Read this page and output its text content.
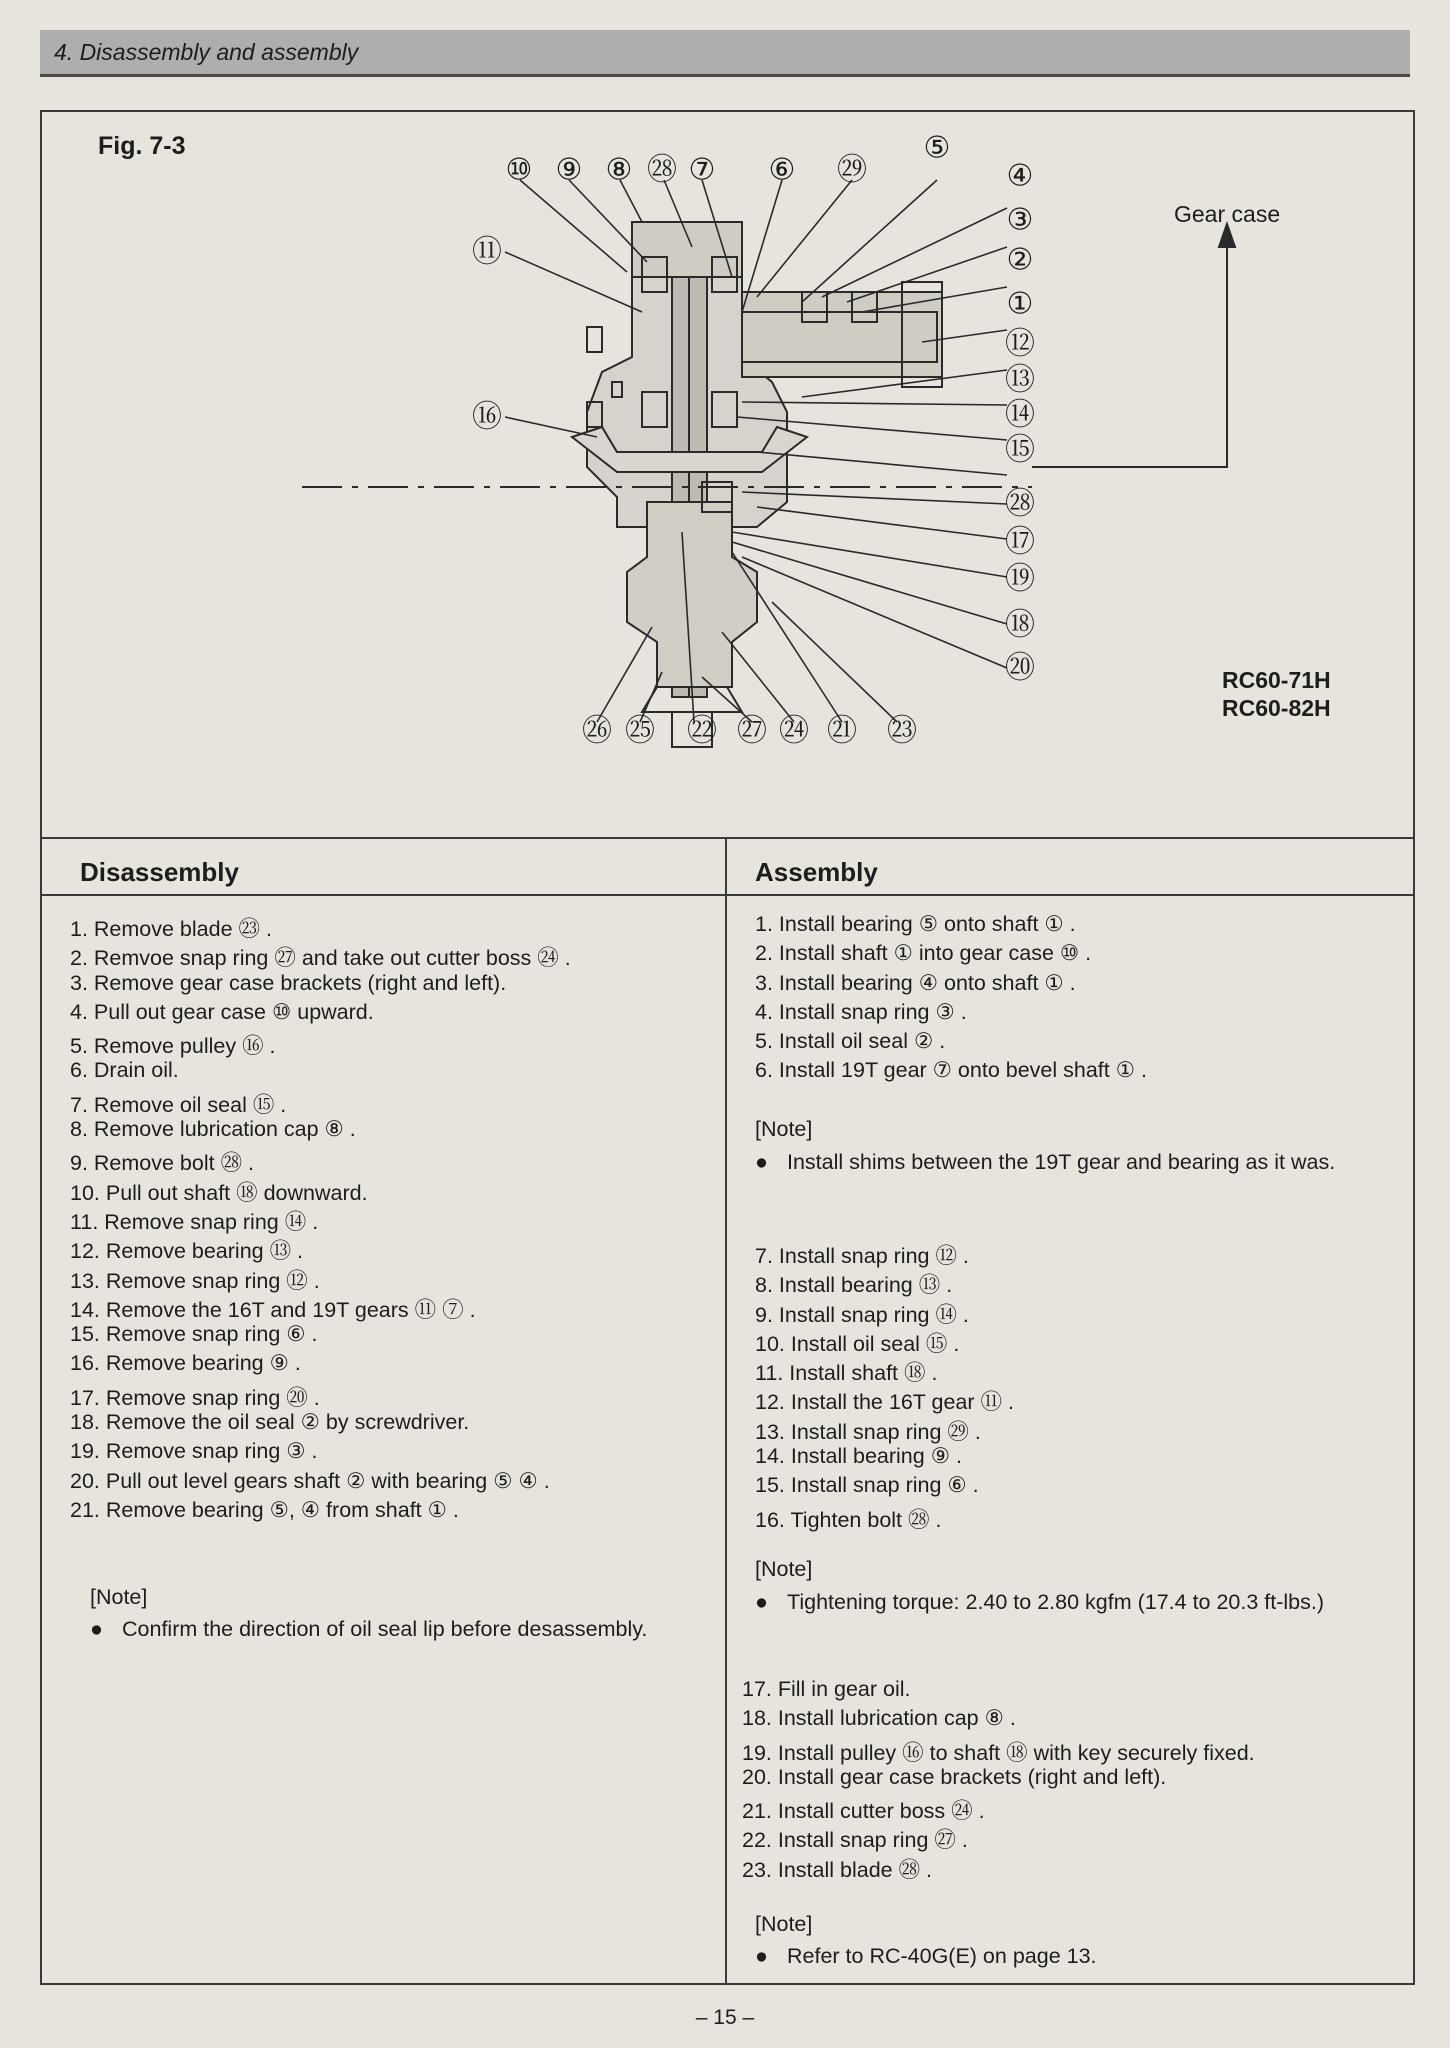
4. Disassembly and assembly
Fig. 7-3
⑩ ⑨ ⑧ ㉘ ⑦ ⑥ ㉙
⑤
⑪
⑯
④
③
②
①
⑫
⑬
⑭
⑮
㉘
⑰
⑲
⑱
⑳
㉖ ㉕ ㉒ ㉗ ㉔ ㉑ ㉓
Gear case
RC60-71H
RC60-82H
Disassembly
1. Remove blade ㉓ .
2. Remvoe snap ring ㉗ and take out cutter boss ㉔ .
3. Remove gear case brackets (right and left).
4. Pull out gear case ⑩ upward.
5. Remove pulley ⑯ .
6. Drain oil.
7. Remove oil seal ⑮ .
8. Remove lubrication cap ⑧ .
9. Remove bolt ㉘ .
10. Pull out shaft ⑱ downward.
11. Remove snap ring ⑭ .
12. Remove bearing ⑬ .
13. Remove snap ring ⑫ .
14. Remove the 16T and 19T gears ⑪ ⑦ .
15. Remove snap ring ⑥ .
16. Remove bearing ⑨ .
17. Remove snap ring ⑳ .
18. Remove the oil seal ② by screwdriver.
19. Remove snap ring ③ .
20. Pull out level gears shaft ② with bearing ⑤ ④ .
21. Remove bearing ⑤, ④ from shaft ① .
[Note]
● Confirm the direction of oil seal lip before desassembly.
Assembly
1. Install bearing ⑤ onto shaft ① .
2. Install shaft ① into gear case ⑩ .
3. Install bearing ④ onto shaft ① .
4. Install snap ring ③ .
5. Install oil seal ② .
6. Install 19T gear ⑦ onto bevel shaft ① .
[Note]
● Install shims between the 19T gear and bearing as it was.
7. Install snap ring ⑫ .
8. Install bearing ⑬ .
9. Install snap ring ⑭ .
10. Install oil seal ⑮ .
11. Install shaft ⑱ .
12. Install the 16T gear ⑪ .
13. Install snap ring ㉙ .
14. Install bearing ⑨ .
15. Install snap ring ⑥ .
16. Tighten bolt ㉘ .
[Note]
● Tightening torque: 2.40 to 2.80 kgfm (17.4 to 20.3 ft-lbs.)
17. Fill in gear oil.
18. Install lubrication cap ⑧ .
19. Install pulley ⑯ to shaft ⑱ with key securely fixed.
20. Install gear case brackets (right and left).
21. Install cutter boss ㉔ .
22. Install snap ring ㉗ .
23. Install blade ㉘ .
[Note]
● Refer to RC-40G(E) on page 13.
– 15 –
